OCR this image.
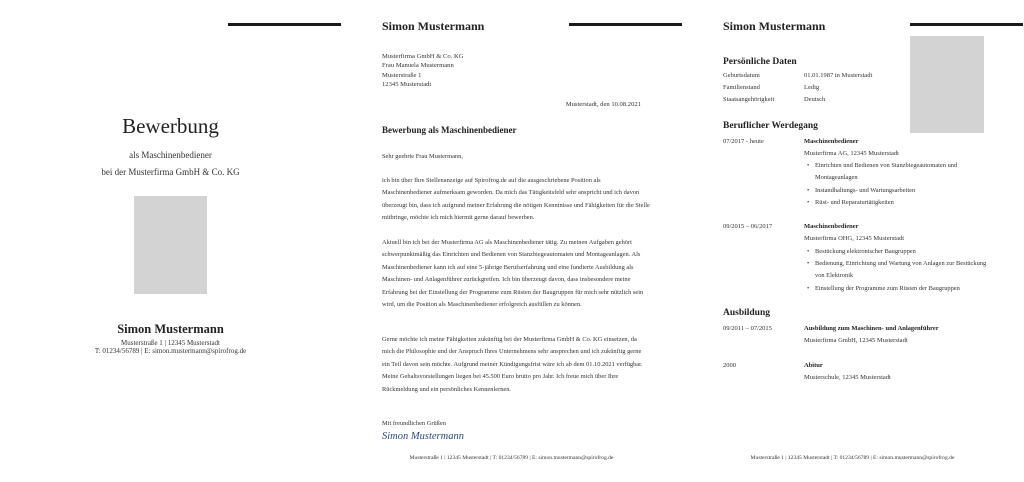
Bewerbung
als Maschinenbediener
bei der Musterfirma GmbH & Co. KG
Simon Mustermann
Musterstraße 1 | 12345 Musterstadt
T: 01234/56789 | E: simon.mustermann@spirofrog.de
Simon Mustermann
Musterfirma GmbH & Co. KG
Frau Manuela Mustermann
Musterstraße 1
12345 Musterstadt
Musterstadt, den 10.08.2021
Bewerbung als Maschinenbediener
Sehr geehrte Frau Mustermann,
ich bin über Ihre Stellenanzeige auf Spirofrog.de auf die ausgeschriebene Position als Maschinenbediener aufmerksam geworden. Da mich das Tätigkeitsfeld sehr anspricht und ich davon überzeugt bin, dass ich aufgrund meiner Erfahrung die nötigen Kenntnisse und Fähigkeiten für die Stelle mitbringe, möchte ich mich hiermit gerne darauf bewerben.
Aktuell bin ich bei der Musterfirma AG als Maschinenbediener tätig. Zu meinen Aufgaben gehört schwerpunktmäßig das Einrichten und Bedienen von Stanzbiegeautomaten und Montageanlagen. Als Maschinenbediener kann ich auf eine 5-jährige Berufserfahrung und eine fundierte Ausbildung als Maschinen- und Anlagenführer zurückgreifen. Ich bin überzeugt davon, dass insbesondere meine Erfahrung bei der Einstellung der Programme zum Rüsten der Baugruppen für mich sehr nützlich sein wird, um die Position als Maschinenbediener erfolgreich ausfüllen zu können.
Gerne möchte ich meine Fähigkeiten zukünftig bei der Musterfirma GmbH & Co. KG einsetzen, da mich die Philosophie und der Anspruch Ihres Unternehmens sehr ansprechen und ich zukünftig gerne ein Teil davon sein möchte. Aufgrund meiner Kündigungsfrist wäre ich ab dem 01.10.2021 verfügbar. Meine Gehaltsvorstellungen liegen bei 45.500 Euro brutto pro Jahr. Ich freue mich über Ihre Rückmeldung und ein persönliches Kennenlernen.
Mit freundlichen Grüßen
Simon Mustermann
Musterstraße 1 | 12345 Musterstadt | T: 01234/56789 | E: simon.mustermann@spirofrog.de
Simon Mustermann
Persönliche Daten
Geburtsdatum	01.01.1987 in Musterstadt
Familienstand	Ledig
Staatsangehörigkeit	Deutsch
Beruflicher Werdegang
07/2017 - heute	Maschinenbediener
Musterfirma AG, 12345 Musterstadt
• Einrichten und Bedienen von Stanzbiegeautomaten und Montageanlagen
• Instandhaltungs- und Wartungsarbeiten
• Rüst- und Reparaturtätigkeiten
09/2015 – 06/2017	Maschinenbediener
Musterfirma OHG, 12345 Musterstadt
• Bestückung elektronischer Baugruppen
• Bedienung, Einrichtung und Wartung von Anlagen zur Bestückung von Elektronik
• Einstellung der Programme zum Rüsten der Baugruppen
Ausbildung
09/2011 – 07/2015	Ausbildung zum Maschinen- und Anlagenführer
Musterfirma GmbH, 12345 Musterstadt
2000	Abitur
Musterschule, 12345 Musterstadt
Musterstraße 1 | 12345 Musterstadt | T: 01234/56789 | E: simon.mustermann@spirofrog.de
